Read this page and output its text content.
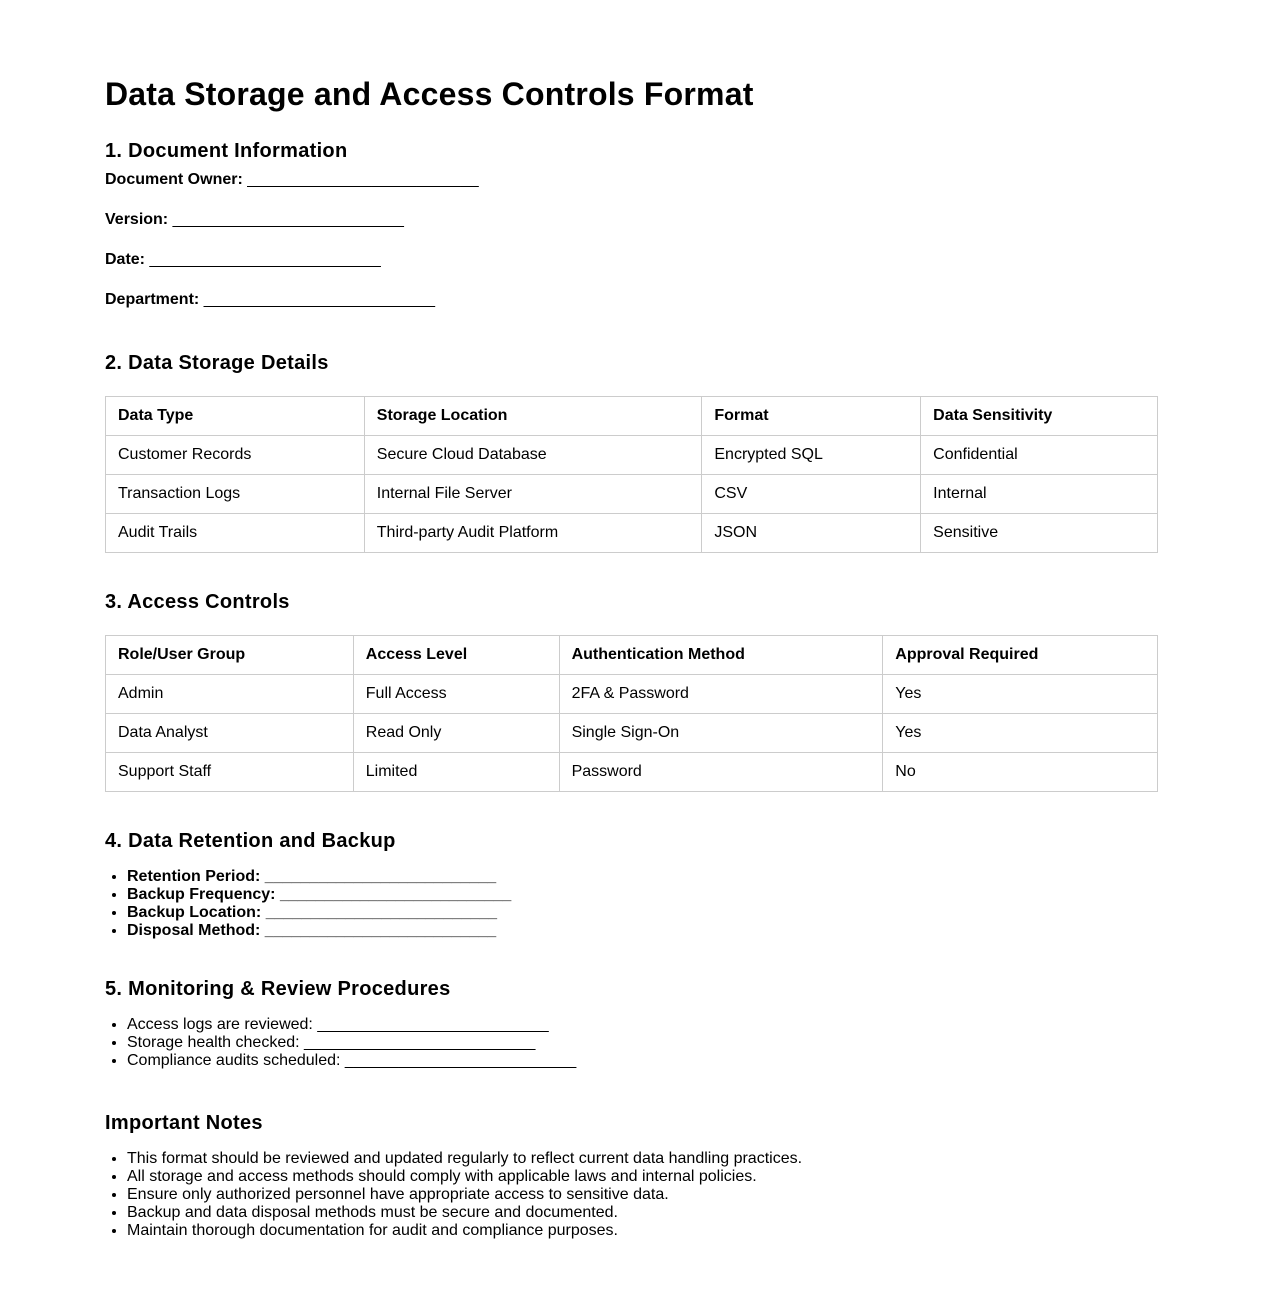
Data Storage and Access Controls Format
1. Document Information
Document Owner: __________________________
Version: __________________________
Date: __________________________
Department: __________________________
2. Data Storage Details
Data Type	Storage Location	Format	Data Sensitivity
Customer Records	Secure Cloud Database	Encrypted SQL	Confidential
Transaction Logs	Internal File Server	CSV	Internal
Audit Trails	Third-party Audit Platform	JSON	Sensitive
3. Access Controls
Role/User Group	Access Level	Authentication Method	Approval Required
Admin	Full Access	2FA & Password	Yes
Data Analyst	Read Only	Single Sign-On	Yes
Support Staff	Limited	Password	No
4. Data Retention and Backup
• Retention Period: __________________________
• Backup Frequency: __________________________
• Backup Location: __________________________
• Disposal Method: __________________________
5. Monitoring & Review Procedures
• Access logs are reviewed: __________________________
• Storage health checked: __________________________
• Compliance audits scheduled: __________________________
Important Notes
• This format should be reviewed and updated regularly to reflect current data handling practices.
• All storage and access methods should comply with applicable laws and internal policies.
• Ensure only authorized personnel have appropriate access to sensitive data.
• Backup and data disposal methods must be secure and documented.
• Maintain thorough documentation for audit and compliance purposes.
